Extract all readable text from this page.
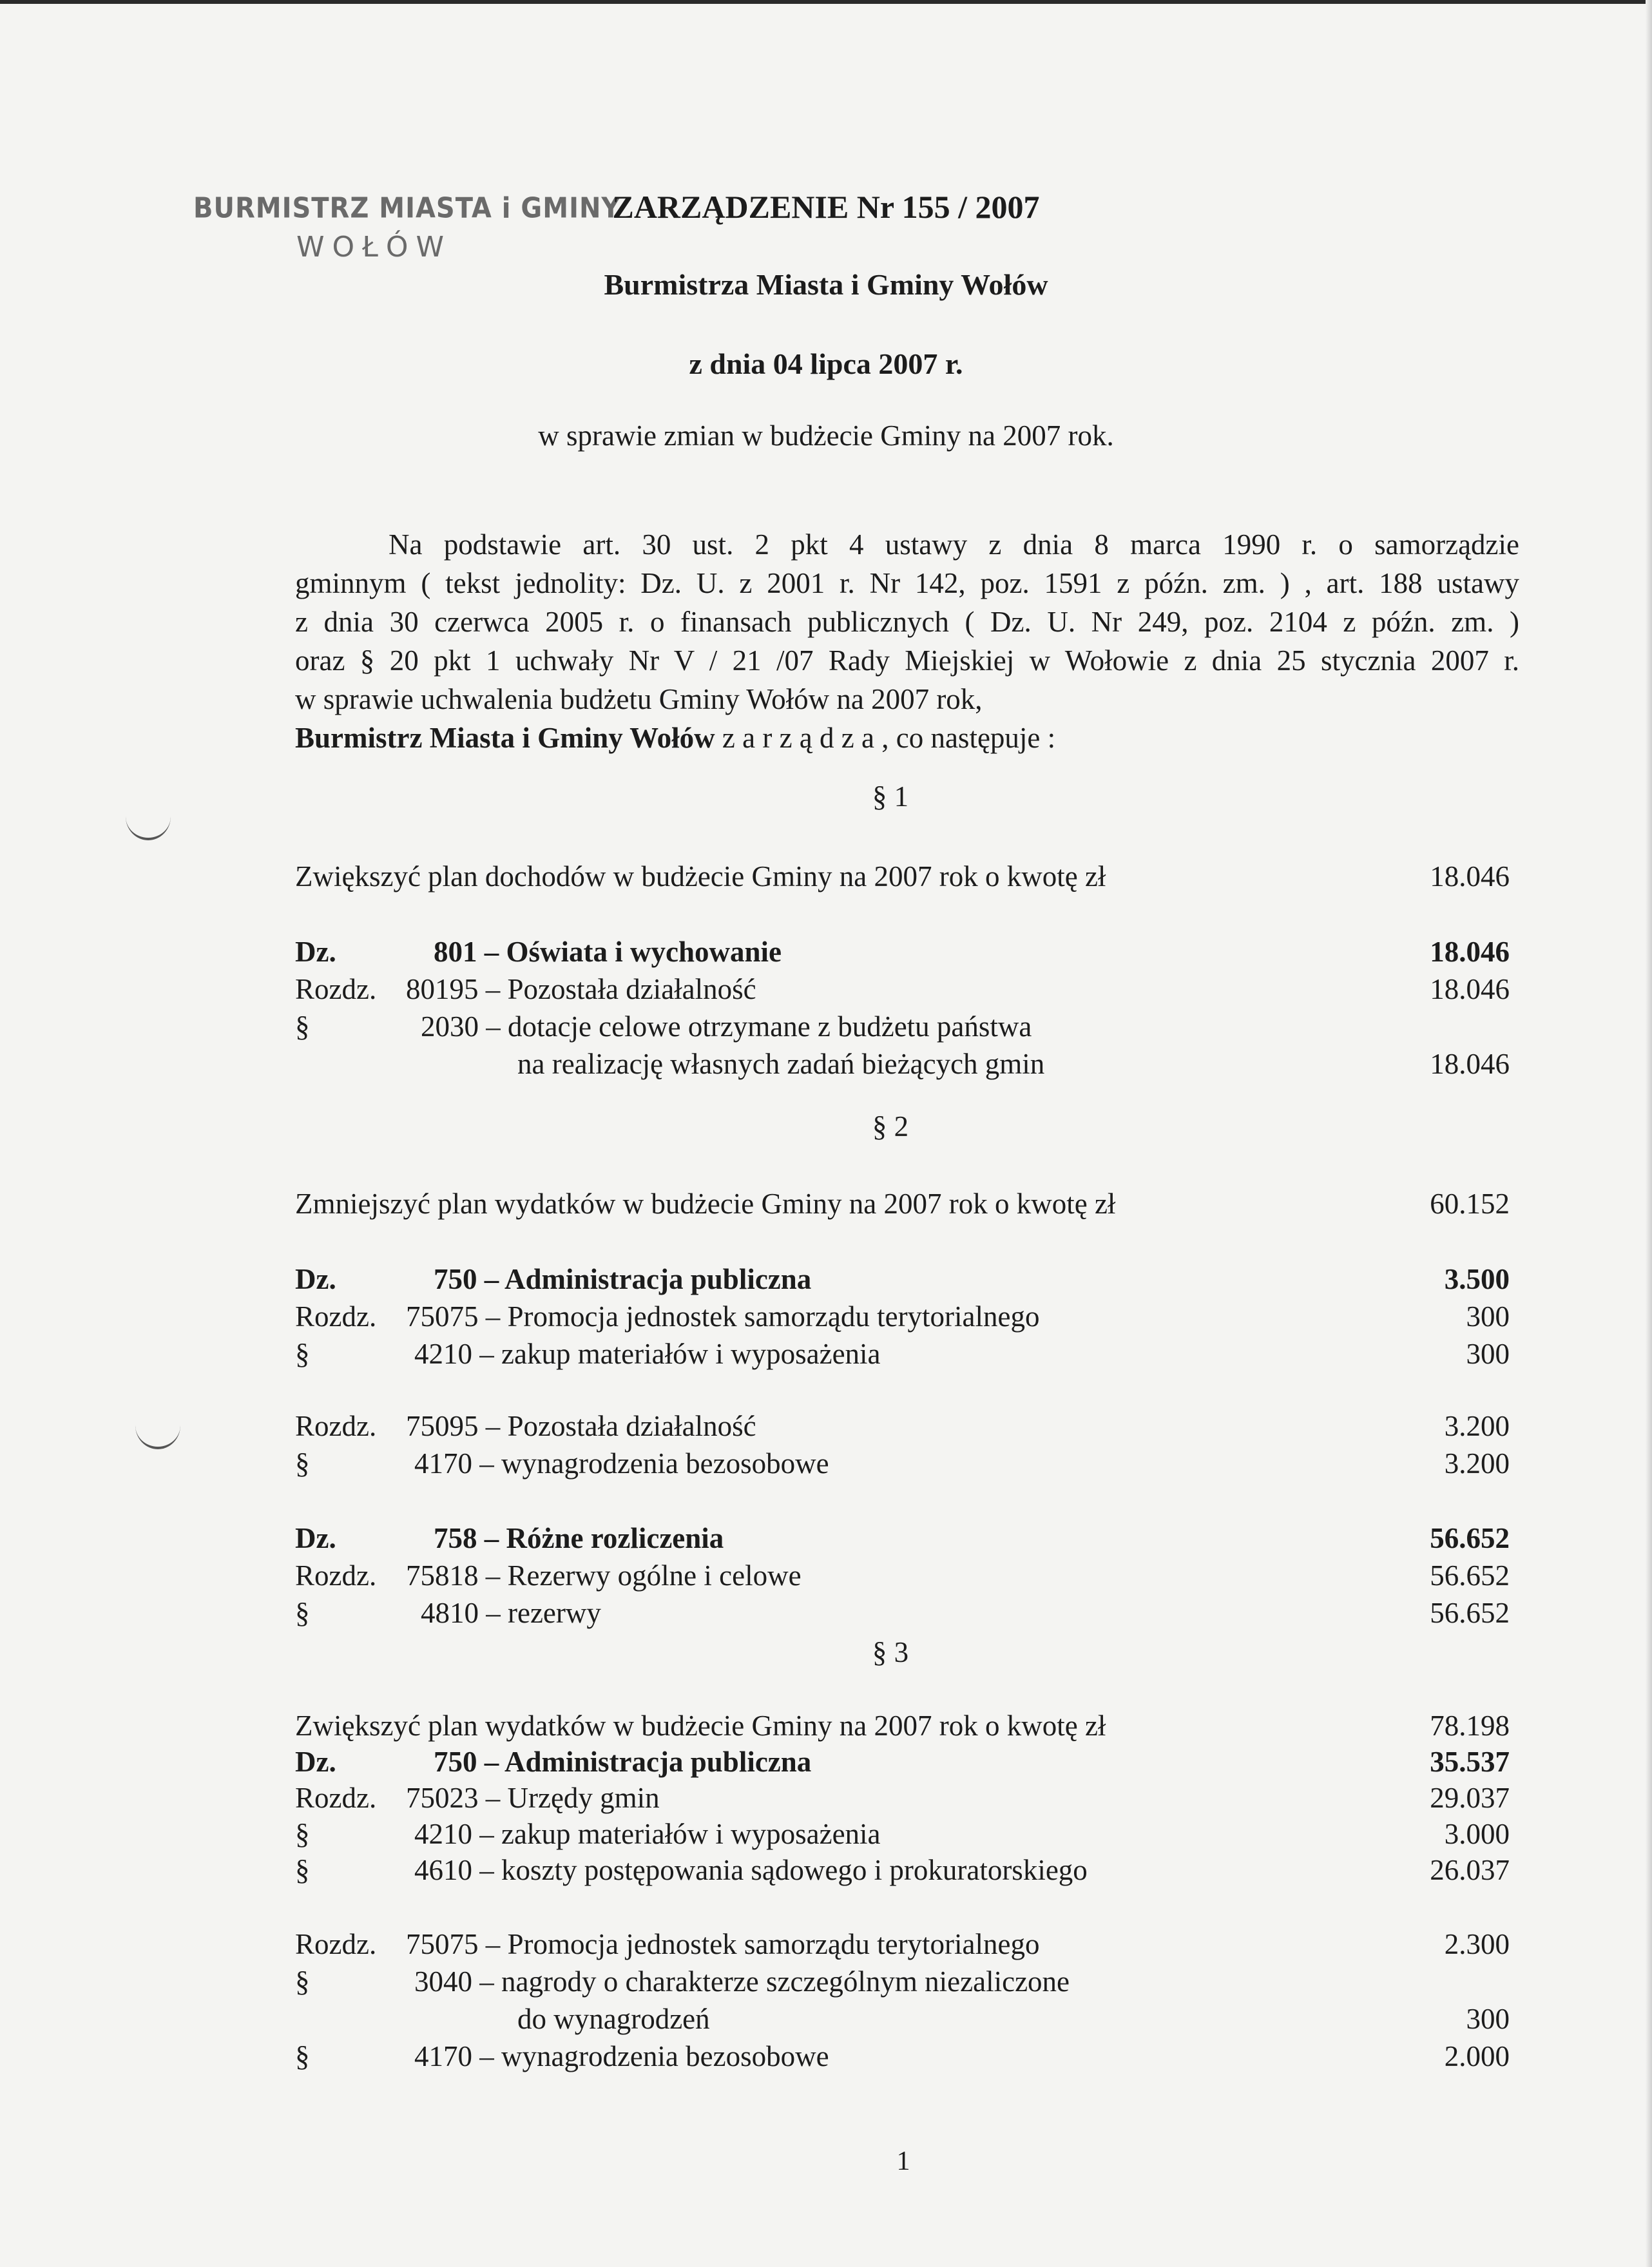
BURMISTRZ MIASTA i GMINY
WOŁÓW
ZARZĄDZENIE Nr 155 / 2007
Burmistrza Miasta i Gminy Wołów
z dnia 04 lipca 2007 r.
w sprawie zmian w budżecie Gminy na 2007 rok.

Na podstawie art. 30 ust. 2 pkt 4 ustawy z dnia 8 marca 1990 r. o samorządzie

gminnym ( tekst jednolity: Dz. U. z 2001 r. Nr 142, poz. 1591 z późn. zm. ) , art. 188 ustawy

z dnia 30 czerwca 2005 r. o finansach publicznych ( Dz. U. Nr 249, poz. 2104 z późn. zm. )

oraz § 20 pkt 1 uchwały Nr V / 21 /07 Rady Miejskiej w Wołowie z dnia 25 stycznia 2007 r.

w sprawie uchwalenia budżetu Gminy Wołów na 2007 rok,

Burmistrz Miasta i Gminy Wołów z a r z ą d z a , co następuje :

§ 1
Zwiększyć plan dochodów w budżecie Gminy na 2007 rok o kwotę zł	18.046
Dz.	801 – Oświata i wychowanie	18.046
Rozdz. 80195 – Pozostała działalność	18.046
§	2030 – dotacje celowe otrzymane z budżetu państwa
na realizację własnych zadań bieżących gmin	18.046
§ 2
Zmniejszyć plan wydatków w budżecie Gminy na 2007 rok o kwotę zł	60.152
Dz.	750 – Administracja publiczna	3.500
Rozdz. 75075 – Promocja jednostek samorządu terytorialnego	300
§	4210 – zakup materiałów i wyposażenia	300
Rozdz. 75095 – Pozostała działalność	3.200
§	4170 – wynagrodzenia bezosobowe	3.200
Dz.	758 – Różne rozliczenia	56.652
Rozdz. 75818 – Rezerwy ogólne i celowe	56.652
§	4810 – rezerwy	56.652
§ 3
Zwiększyć plan wydatków w budżecie Gminy na 2007 rok o kwotę zł	78.198
Dz.	750 – Administracja publiczna	35.537
Rozdz. 75023 – Urzędy gmin	29.037
§	4210 – zakup materiałów i wyposażenia	3.000
§	4610 – koszty postępowania sądowego i prokuratorskiego	26.037
Rozdz. 75075 – Promocja jednostek samorządu terytorialnego	2.300
§	3040 – nagrody o charakterze szczególnym niezaliczone
do wynagrodzeń	300
§	4170 – wynagrodzenia bezosobowe	2.000
1
